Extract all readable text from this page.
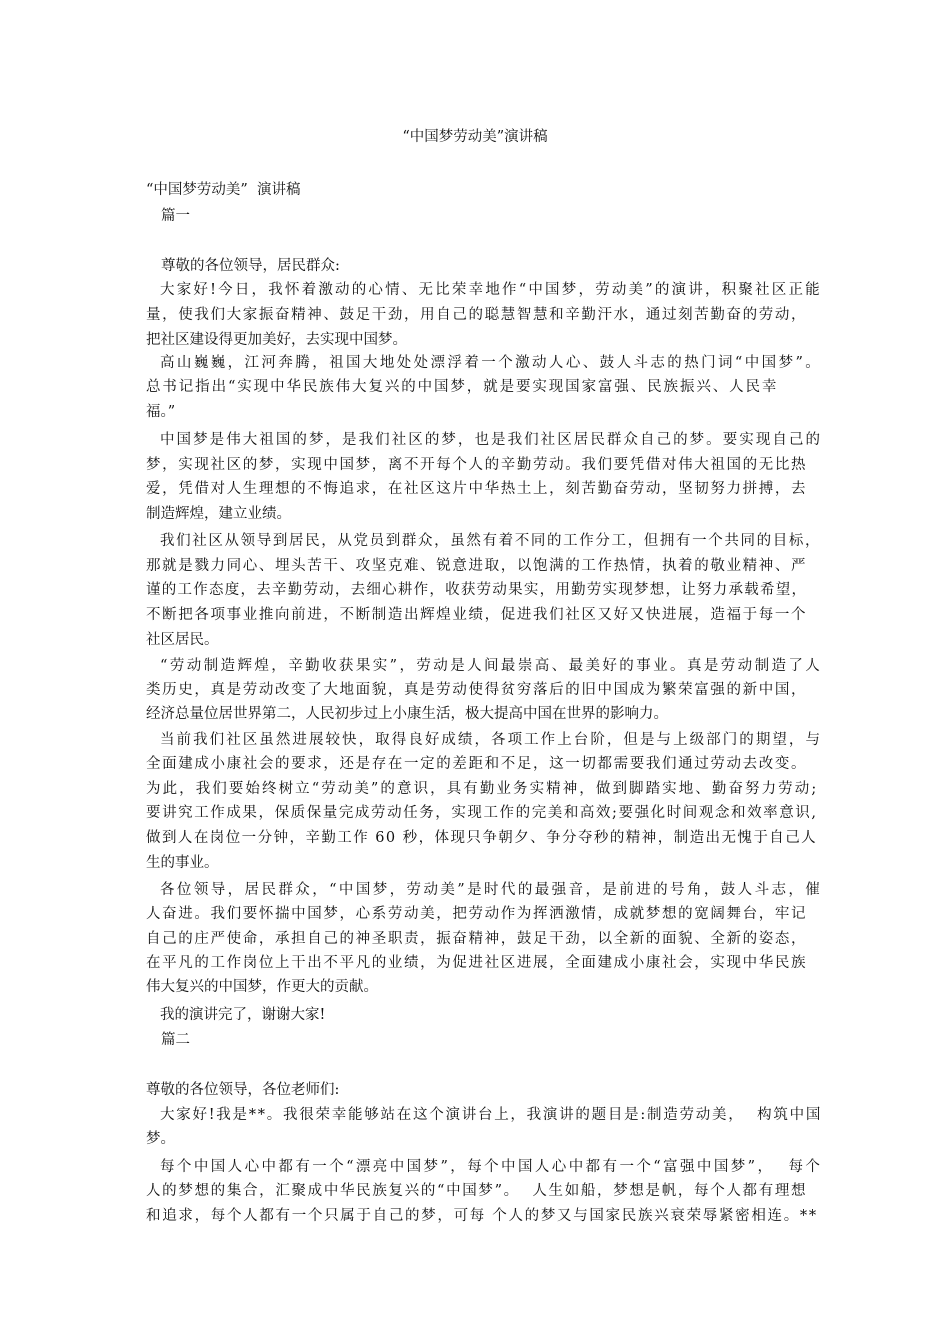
“中国梦劳动美”演讲稿
“中国梦劳动美”  演讲稿
篇一
尊敬的各位领导，居民群众:
大家好!今日，我怀着激动的心情、无比荣幸地作“中国梦，劳动美”的演讲，积聚社区正能
量，使我们大家振奋精神、鼓足干劲，用自己的聪慧智慧和辛勤汗水，通过刻苦勤奋的劳动，
把社区建设得更加美好，去实现中国梦。
高山巍巍，江河奔腾，祖国大地处处漂浮着一个激动人心、鼓人斗志的热门词“中国梦”。
总书记指出“实现中华民族伟大复兴的中国梦，就是要实现国家富强、民族振兴、人民幸
福。”
中国梦是伟大祖国的梦，是我们社区的梦，也是我们社区居民群众自己的梦。要实现自己的
梦，实现社区的梦，实现中国梦，离不开每个人的辛勤劳动。我们要凭借对伟大祖国的无比热
爱，凭借对人生理想的不悔追求，在社区这片中华热土上，刻苦勤奋劳动，坚韧努力拼搏，去
制造辉煌，建立业绩。
我们社区从领导到居民，从党员到群众，虽然有着不同的工作分工，但拥有一个共同的目标，
那就是戮力同心、埋头苦干、攻坚克难、锐意进取，以饱满的工作热情，执着的敬业精神、严
谨的工作态度，去辛勤劳动，去细心耕作，收获劳动果实，用勤劳实现梦想，让努力承载希望，
不断把各项事业推向前进，不断制造出辉煌业绩，促进我们社区又好又快进展，造福于每一个
社区居民。
“劳动制造辉煌，辛勤收获果实”，劳动是人间最崇高、最美好的事业。真是劳动制造了人
类历史，真是劳动改变了大地面貌，真是劳动使得贫穷落后的旧中国成为繁荣富强的新中国，
经济总量位居世界第二，人民初步过上小康生活，极大提高中国在世界的影响力。
当前我们社区虽然进展较快，取得良好成绩，各项工作上台阶，但是与上级部门的期望，与
全面建成小康社会的要求，还是存在一定的差距和不足，这一切都需要我们通过劳动去改变。
为此，我们要始终树立“劳动美”的意识，具有勤业务实精神，做到脚踏实地、勤奋努力劳动;
要讲究工作成果，保质保量完成劳动任务，实现工作的完美和高效;要强化时间观念和效率意识,
做到人在岗位一分钟，辛勤工作 60 秒，体现只争朝夕、争分夺秒的精神，制造出无愧于自己人
生的事业。
各位领导，居民群众，“中国梦，劳动美”是时代的最强音，是前进的号角，鼓人斗志，催
人奋进。我们要怀揣中国梦，心系劳动美，把劳动作为挥洒激情，成就梦想的宽阔舞台，牢记
自己的庄严使命，承担自己的神圣职责，振奋精神，鼓足干劲，以全新的面貌、全新的姿态，
在平凡的工作岗位上干出不平凡的业绩，为促进社区进展，全面建成小康社会，实现中华民族
伟大复兴的中国梦，作更大的贡献。
我的演讲完了，谢谢大家!
篇二
尊敬的各位领导，各位老师们:
大家好!我是**。我很荣幸能够站在这个演讲台上，我演讲的题目是:制造劳动美，  构筑中国
梦。
每个中国人心中都有一个“漂亮中国梦”，每个中国人心中都有一个“富强中国梦”，  每个
人的梦想的集合，汇聚成中华民族复兴的“中国梦”。  人生如船，梦想是帆，每个人都有理想
和追求，每个人都有一个只属于自己的梦，可每 个人的梦又与国家民族兴衰荣辱紧密相连。**
